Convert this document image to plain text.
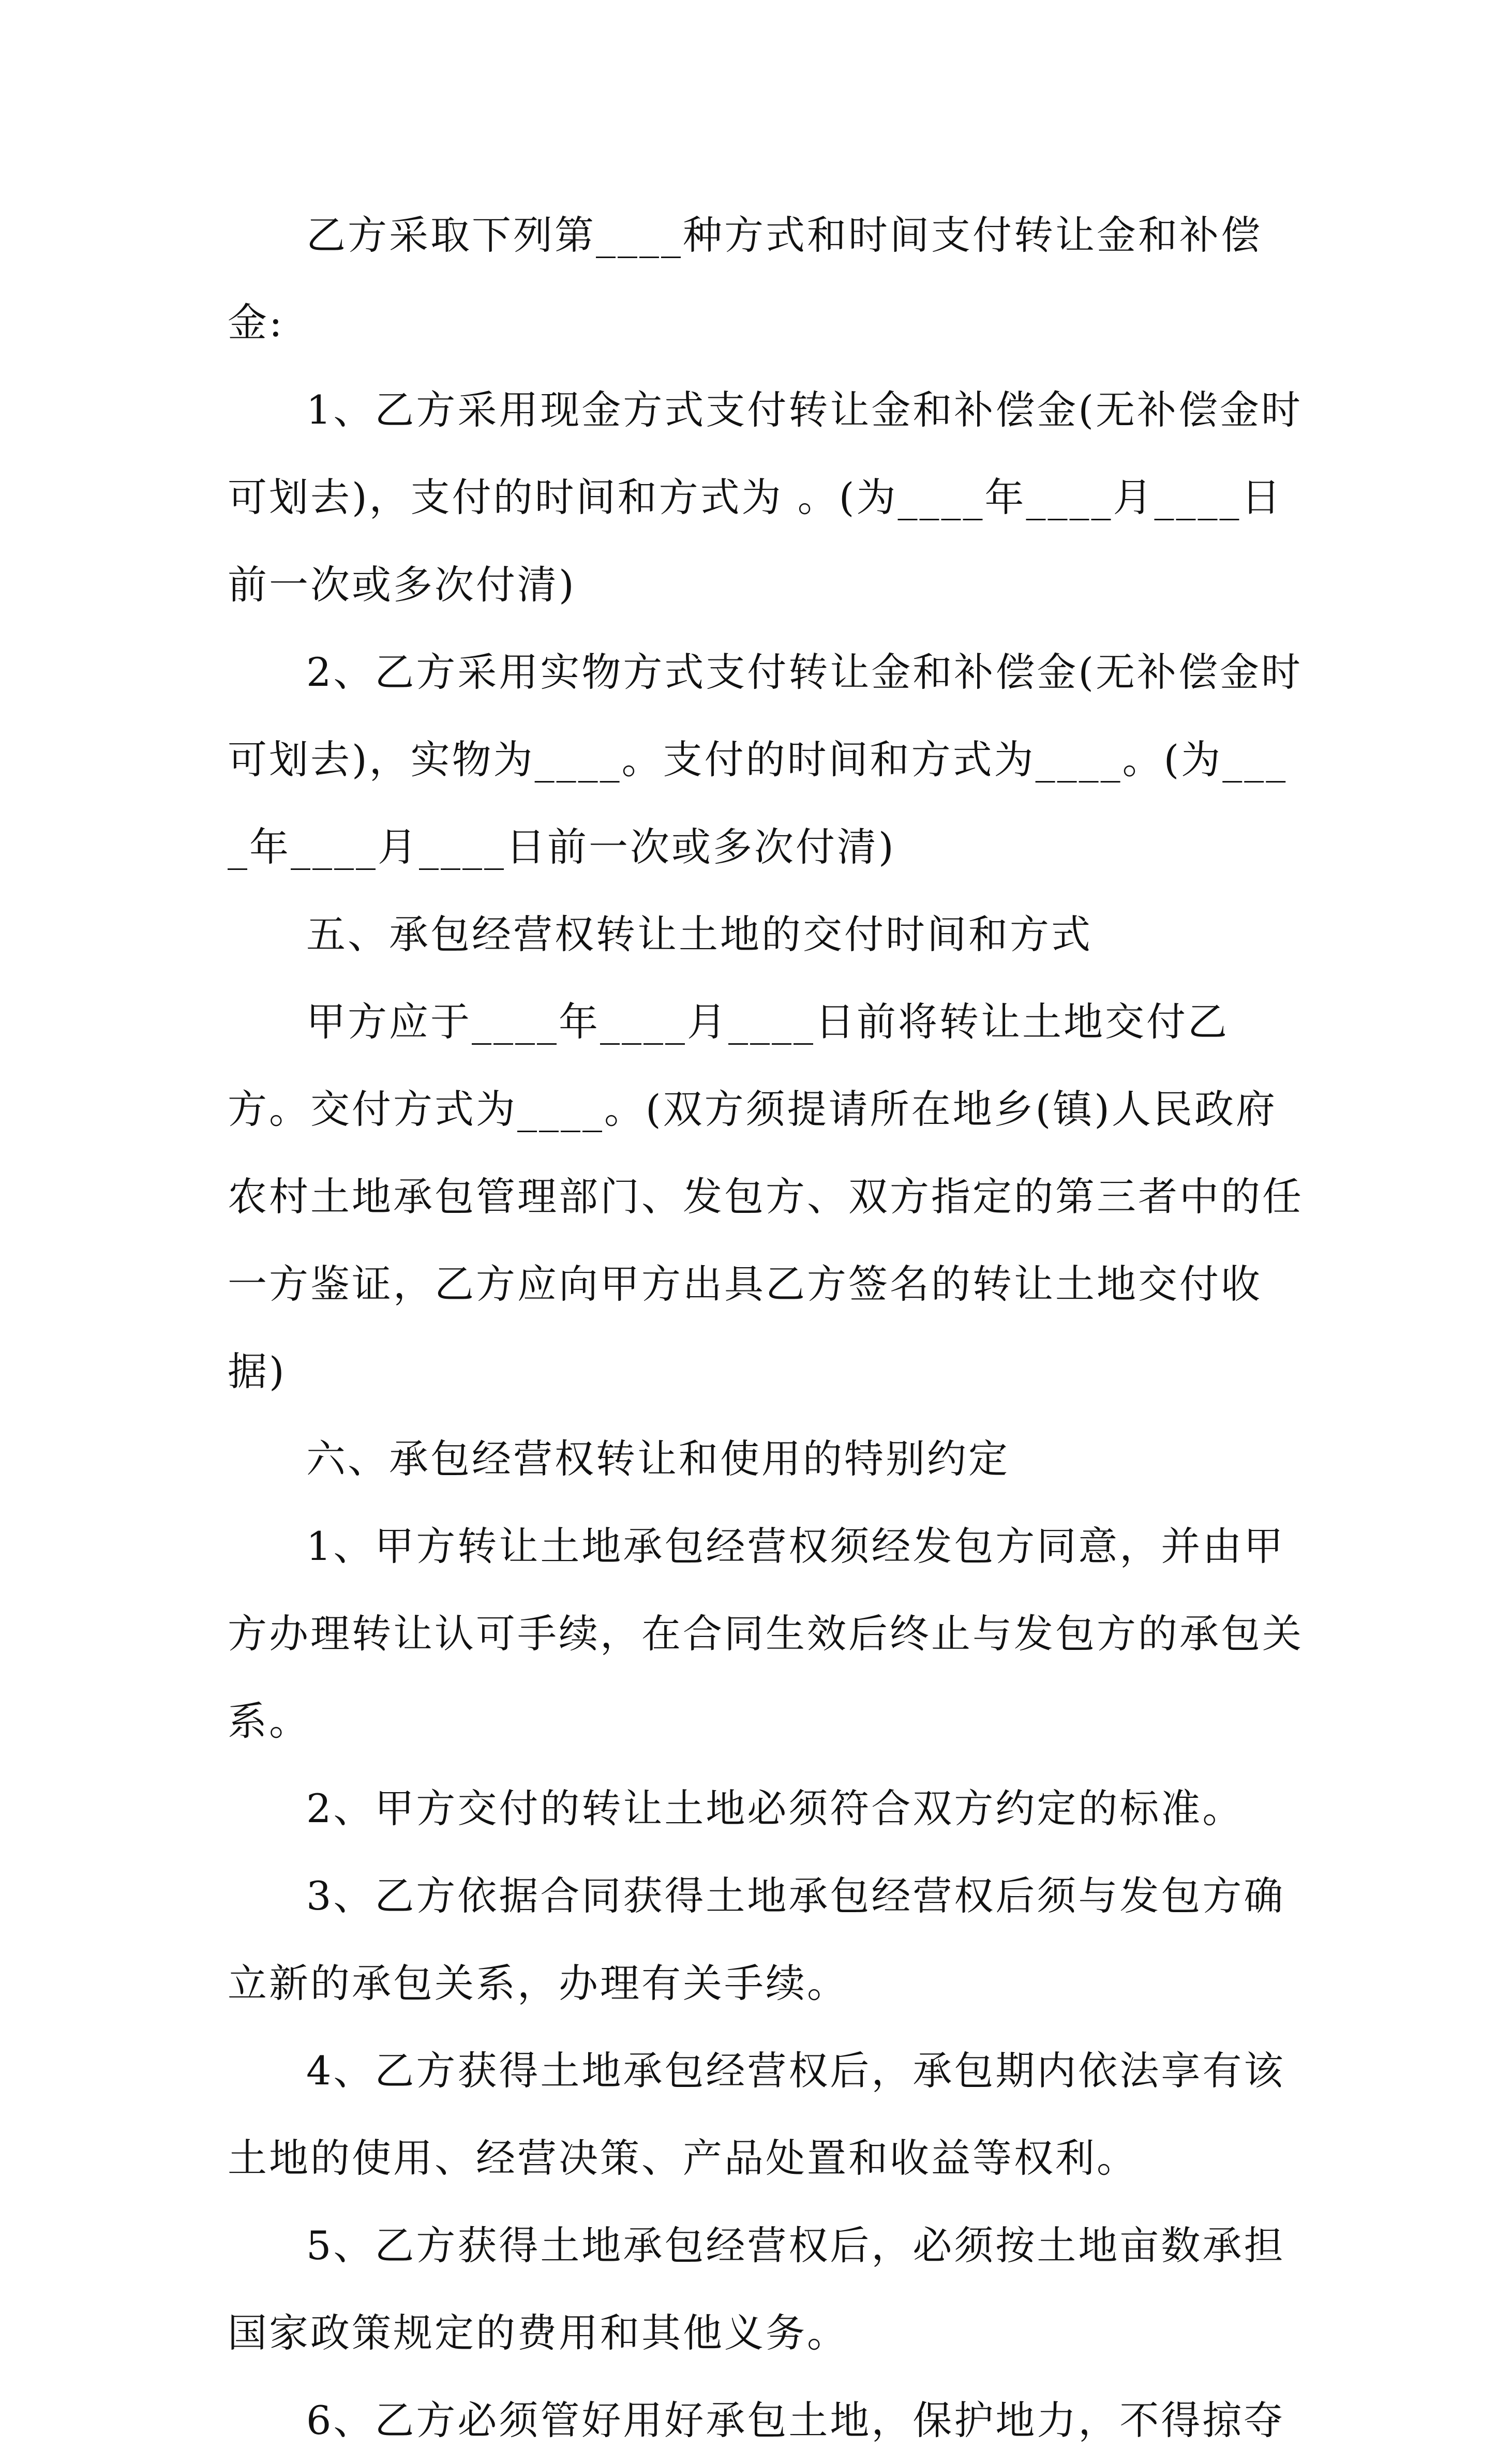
乙方采取下列第____种方式和时间支付转让金和补偿金:

1、乙方采用现金方式支付转让金和补偿金(无补偿金时可划去)，支付的时间和方式为 。(为____年____月____日前一次或多次付清)

2、乙方采用实物方式支付转让金和补偿金(无补偿金时可划去)，实物为____。支付的时间和方式为____。(为____年____月____日前一次或多次付清)

五、承包经营权转让土地的交付时间和方式

甲方应于____年____月____日前将转让土地交付乙方。交付方式为____。(双方须提请所在地乡(镇)人民政府农村土地承包管理部门、发包方、双方指定的第三者中的任一方鉴证，乙方应向甲方出具乙方签名的转让土地交付收据)

六、承包经营权转让和使用的特别约定

1、甲方转让土地承包经营权须经发包方同意，并由甲方办理转让认可手续，在合同生效后终止与发包方的承包关系。

2、甲方交付的转让土地必须符合双方约定的标准。

3、乙方依据合同获得土地承包经营权后须与发包方确立新的承包关系，办理有关手续。

4、乙方获得土地承包经营权后，承包期内依法享有该土地的使用、经营决策、产品处置和收益等权利。

5、乙方获得土地承包经营权后，必须按土地亩数承担国家政策规定的费用和其他义务。

6、乙方必须管好用好承包土地，保护地力，不得掠夺
